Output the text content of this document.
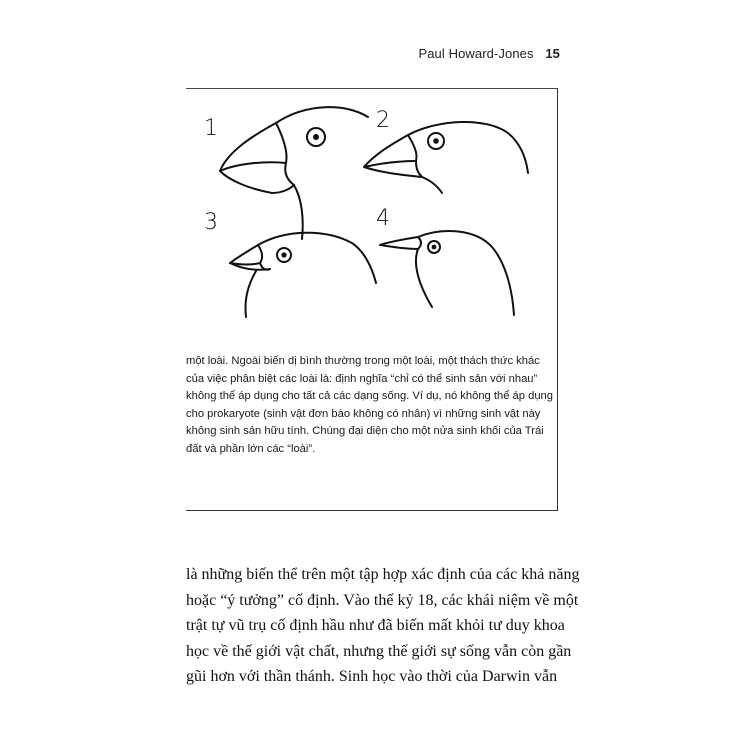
Paul Howard-Jones 15
1	2
3	4
một loài. Ngoài biến dị bình thường trong một loài, một thách thức khác
của việc phân biệt các loài là: định nghĩa “chỉ có thể sinh sản với nhau”
không thể áp dụng cho tất cả các dạng sống. Ví dụ, nó không thể áp dụng
cho prokaryote (sinh vật đơn bào không có nhân) vì những sinh vật này
không sinh sản hữu tính. Chúng đại diện cho một nửa sinh khối của Trái
đất và phần lớn các “loài”.
là những biến thể trên một tập hợp xác định của các khả năng
hoặc “ý tưởng” cố định. Vào thế kỷ 18, các khái niệm về một
trật tự vũ trụ cố định hầu như đã biến mất khỏi tư duy khoa
học về thế giới vật chất, nhưng thế giới sự sống vẫn còn gần
gũi hơn với thần thánh. Sinh học vào thời của Darwin vẫn
